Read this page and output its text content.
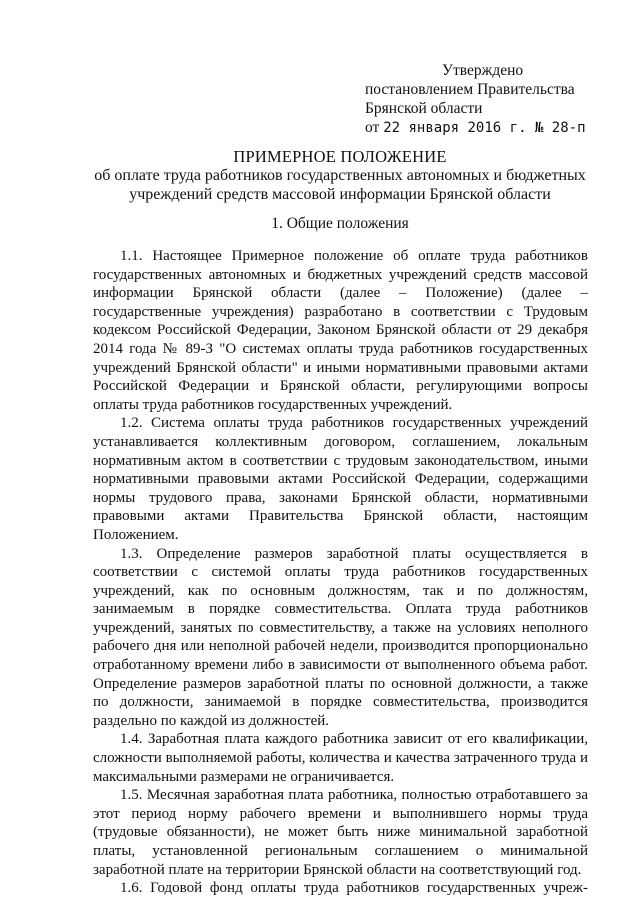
Утверждено
постановлением Правительства
Брянской области
от 22 января 2016 г. № 28-п
ПРИМЕРНОЕ ПОЛОЖЕНИЕ
об оплате труда работников государственных автономных и бюджетных учреждений средств массовой информации Брянской области
1. Общие положения

1.1. Настоящее Примерное положение об оплате труда работников государственных автономных и бюджетных учреждений средств массовой информации Брянской области (далее – Положение) (далее –государственные учреждения) разработано в соответствии с Трудовым кодексом Российской Федерации, Законом Брянской области от 29 декабря 2014 года № 89-З "О системах оплаты труда работников государственных учреждений Брянской области" и иными нормативными правовыми актами Российской Федерации и Брянской области, регулирующими вопросы оплаты труда работников государственных учреждений.

1.2. Система оплаты труда работников государственных учреждений устанавливается коллективным договором, соглашением, локальным нормативным актом в соответствии с трудовым законодательством, иными нормативными правовыми актами Российской Федерации, содержащими нормы трудового права, законами Брянской области, нормативными правовыми актами Правительства Брянской области, настоящим Положением.

1.3. Определение размеров заработной платы осуществляется в соответствии с системой оплаты труда работников государственных учреждений, как по основным должностям, так и по должностям, занимаемым в порядке совместительства. Оплата труда работников учреждений, занятых по совместительству, а также на условиях неполного рабочего дня или неполной рабочей недели, производится пропорционально отработанному времени либо в зависимости от выполненного объема работ. Определение размеров заработной платы по основной должности, а также по должности, занимаемой в порядке совместительства, производится раздельно по каждой из должностей.

1.4. Заработная плата каждого работника зависит от его квалификации, сложности выполняемой работы, количества и качества затраченного труда и максимальными размерами не ограничивается.

1.5. Месячная заработная плата работника, полностью отработавшего за этот период норму рабочего времени и выполнившего нормы труда (трудовые обязанности), не может быть ниже минимальной заработной платы, установленной региональным соглашением о минимальной заработной плате на территории Брянской области на соответствующий год.

1.6. Годовой фонд оплаты труда работников государственных учреж-
